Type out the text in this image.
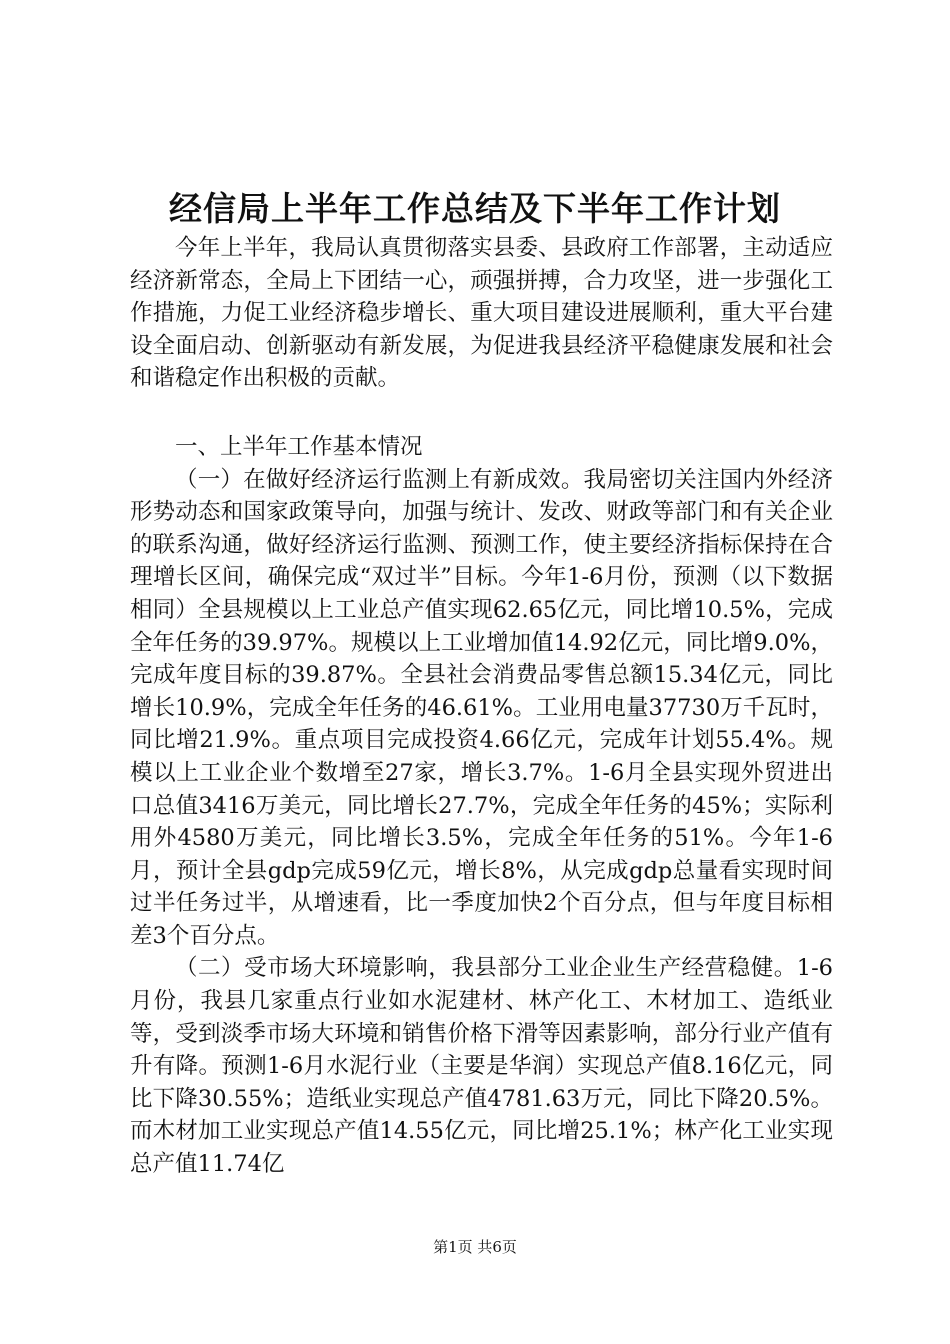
经信局上半年工作总结及下半年工作计划

今年上半年，我局认真贯彻落实县委、县政府工作部署，主动适应经济新常态，全局上下团结一心，顽强拼搏，合力攻坚，进一步强化工作措施，力促工业经济稳步增长、重大项目建设进展顺利，重大平台建设全面启动、创新驱动有新发展，为促进我县经济平稳健康发展和社会和谐稳定作出积极的贡献。

一、上半年工作基本情况

（一）在做好经济运行监测上有新成效。我局密切关注国内外经济形势动态和国家政策导向，加强与统计、发改、财政等部门和有关企业的联系沟通，做好经济运行监测、预测工作，使主要经济指标保持在合理增长区间，确保完成“双过半”目标。今年1-6月份，预测（以下数据相同）全县规模以上工业总产值实现62.65亿元，同比增10.5%，完成全年任务的39.97%。规模以上工业增加值14.92亿元，同比增9.0%，完成年度目标的39.87%。全县社会消费品零售总额15.34亿元，同比增长10.9%，完成全年任务的46.61%。工业用电量37730万千瓦时，同比增21.9%。重点项目完成投资4.66亿元，完成年计划55.4%。规模以上工业企业个数增至27家，增长3.7%。1-6月全县实现外贸进出口总值3416万美元，同比增长27.7%，完成全年任务的45%；实际利用外4580万美元，同比增长3.5%，完成全年任务的51%。今年1-6月，预计全县gdp完成59亿元，增长8%，从完成gdp总量看实现时间过半任务过半，从增速看，比一季度加快2个百分点，但与年度目标相差3个百分点。

（二）受市场大环境影响，我县部分工业企业生产经营稳健。1-6月份，我县几家重点行业如水泥建材、林产化工、木材加工、造纸业等，受到淡季市场大环境和销售价格下滑等因素影响，部分行业产值有升有降。预测1-6月水泥行业（主要是华润）实现总产值8.16亿元，同比下降30.55%；造纸业实现总产值4781.63万元，同比下降20.5%。而木材加工业实现总产值14.55亿元，同比增25.1%；林产化工业实现总产值11.74亿

第1页 共6页
